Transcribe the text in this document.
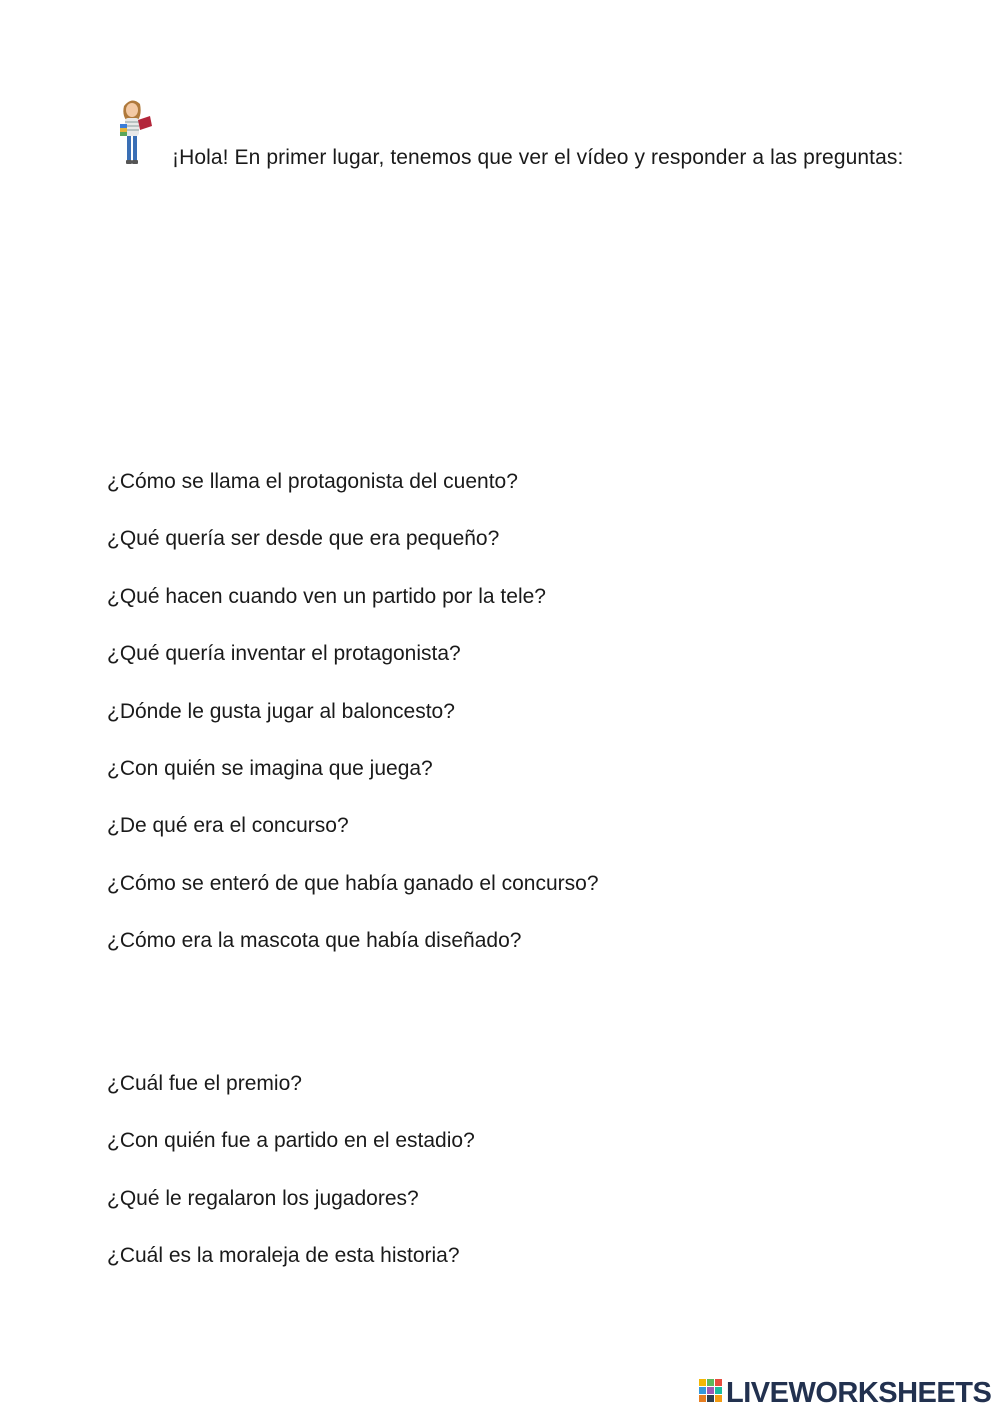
¡Hola! En primer lugar, tenemos que ver el vídeo y responder a las preguntas:
¿Cómo se llama el protagonista del cuento?
¿Qué quería ser desde que era pequeño?
¿Qué hacen cuando ven un partido por la tele?
¿Qué quería inventar el protagonista?
¿Dónde le gusta jugar al baloncesto?
¿Con quién se imagina que juega?
¿De qué era el concurso?
¿Cómo se enteró de que había ganado el concurso?
¿Cómo era la mascota que había diseñado?
¿Cuál fue el premio?
¿Con quién fue a partido en el estadio?
¿Qué le regalaron los jugadores?
¿Cuál es la moraleja de esta historia?
LIVEWORKSHEETS
